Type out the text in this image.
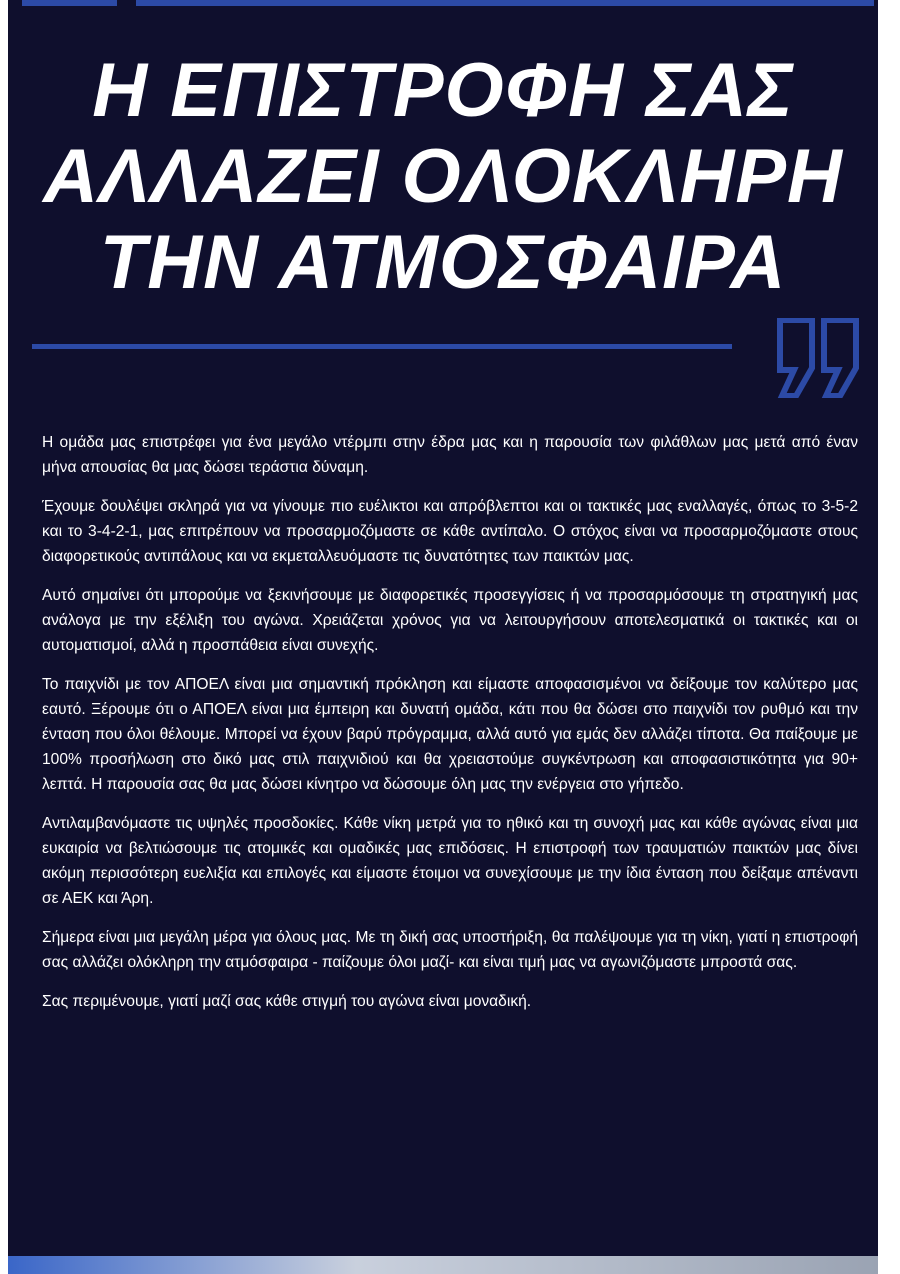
Η ΕΠΙΣΤΡΟΦΗ ΣΑΣ
ΑΛΛΑΖΕΙ ΟΛΟΚΛΗΡΗ
ΤΗΝ ΑΤΜΟΣΦΑΙΡΑ

Η ομάδα μας επιστρέφει για ένα μεγάλο ντέρμπι στην έδρα μας και η παρουσία των φιλάθλων μας μετά από έναν μήνα απουσίας θα μας δώσει τεράστια δύναμη.

Έχουμε δουλέψει σκληρά για να γίνουμε πιο ευέλικτοι και απρόβλεπτοι και οι τακτικές μας εναλλαγές, όπως το 3-5-2 και το 3-4-2-1, μας επιτρέπουν να προσαρμοζόμαστε σε κάθε αντίπαλο. Ο στόχος είναι να προσαρμοζόμαστε στους διαφορετικούς αντιπάλους και να εκμεταλλευόμαστε τις δυνατότητες των παικτών μας.

Αυτό σημαίνει ότι μπορούμε να ξεκινήσουμε με διαφορετικές προσεγγίσεις ή να προσαρμόσουμε τη στρατηγική μας ανάλογα με την εξέλιξη του αγώνα. Χρειάζεται χρόνος για να λειτουργήσουν αποτελεσματικά οι τακτικές και οι αυτοματισμοί, αλλά η προσπάθεια είναι συνεχής.

Το παιχνίδι με τον ΑΠΟΕΛ είναι μια σημαντική πρόκληση και είμαστε αποφασισμένοι να δείξουμε τον καλύτερο μας εαυτό. Ξέρουμε ότι ο ΑΠΟΕΛ είναι μια έμπειρη και δυνατή ομάδα, κάτι που θα δώσει στο παιχνίδι τον ρυθμό και την ένταση που όλοι θέλουμε. Μπορεί να έχουν βαρύ πρόγραμμα, αλλά αυτό για εμάς δεν αλλάζει τίποτα. Θα παίξουμε με 100% προσήλωση στο δικό μας στιλ παιχνιδιού και θα χρειαστούμε συγκέντρωση και αποφασιστικότητα για 90+ λεπτά. Η παρουσία σας θα μας δώσει κίνητρο να δώσουμε όλη μας την ενέργεια στο γήπεδο.

Αντιλαμβανόμαστε τις υψηλές προσδοκίες. Κάθε νίκη μετρά για το ηθικό και τη συνοχή μας και κάθε αγώνας είναι μια ευκαιρία να βελτιώσουμε τις ατομικές και ομαδικές μας επιδόσεις. Η επιστροφή των τραυματιών παικτών μας δίνει ακόμη περισσότερη ευελιξία και επιλογές και είμαστε έτοιμοι να συνεχίσουμε με την ίδια ένταση που δείξαμε απέναντι σε ΑΕΚ και Άρη.

Σήμερα είναι μια μεγάλη μέρα για όλους μας. Με τη δική σας υποστήριξη, θα παλέψουμε για τη νίκη, γιατί η επιστροφή σας αλλάζει ολόκληρη την ατμόσφαιρα - παίζουμε όλοι μαζί- και είναι τιμή μας να αγωνιζόμαστε μπροστά σας.

Σας περιμένουμε, γιατί μαζί σας κάθε στιγμή του αγώνα είναι μοναδική.
